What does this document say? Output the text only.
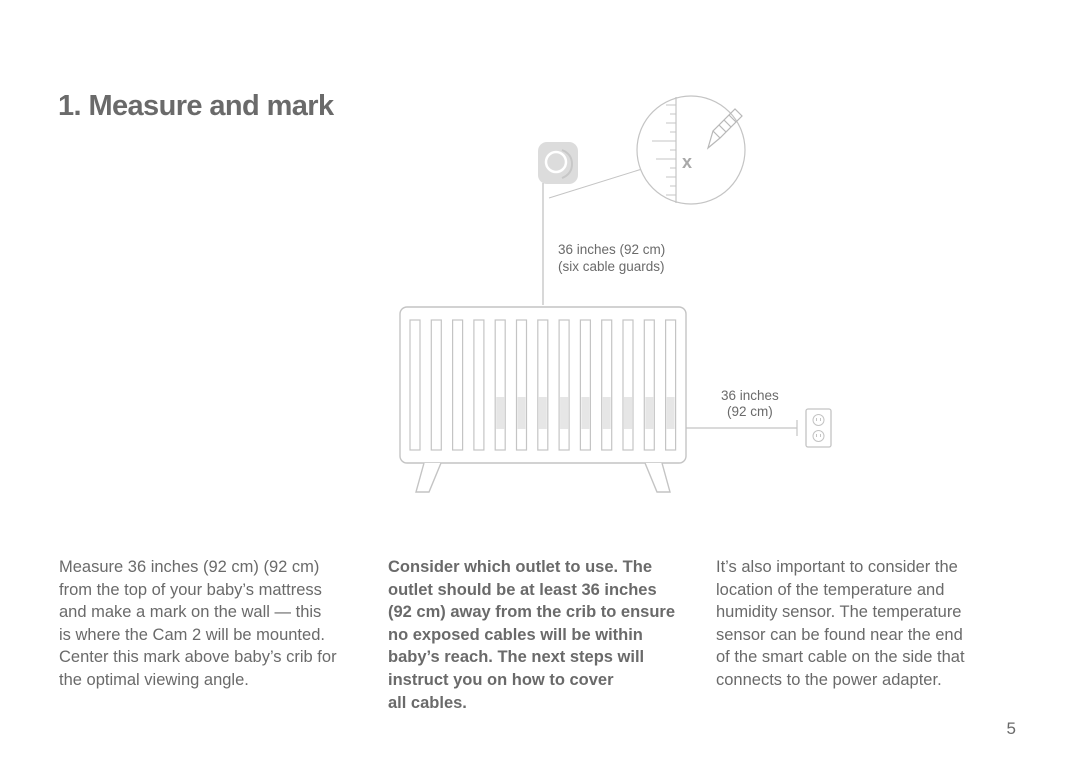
1. Measure and mark
x
36 inches (92 cm)
(six cable guards)
36 inches
(92 cm)

Measure 36 inches (92 cm) (92 cm)

from the top of your baby’s mattress

and make a mark on the wall — this

is where the Cam 2 will be mounted.

Center this mark above baby’s crib for

the optimal viewing angle.

Consider which outlet to use. The

outlet should be at least 36 inches

(92 cm) away from the crib to ensure

no exposed cables will be within

baby’s reach. The next steps will

instruct you on how to cover

all cables.

It’s also important to consider the

location of the temperature and

humidity sensor. The temperature

sensor can be found near the end

of the smart cable on the side that

connects to the power adapter.

5
